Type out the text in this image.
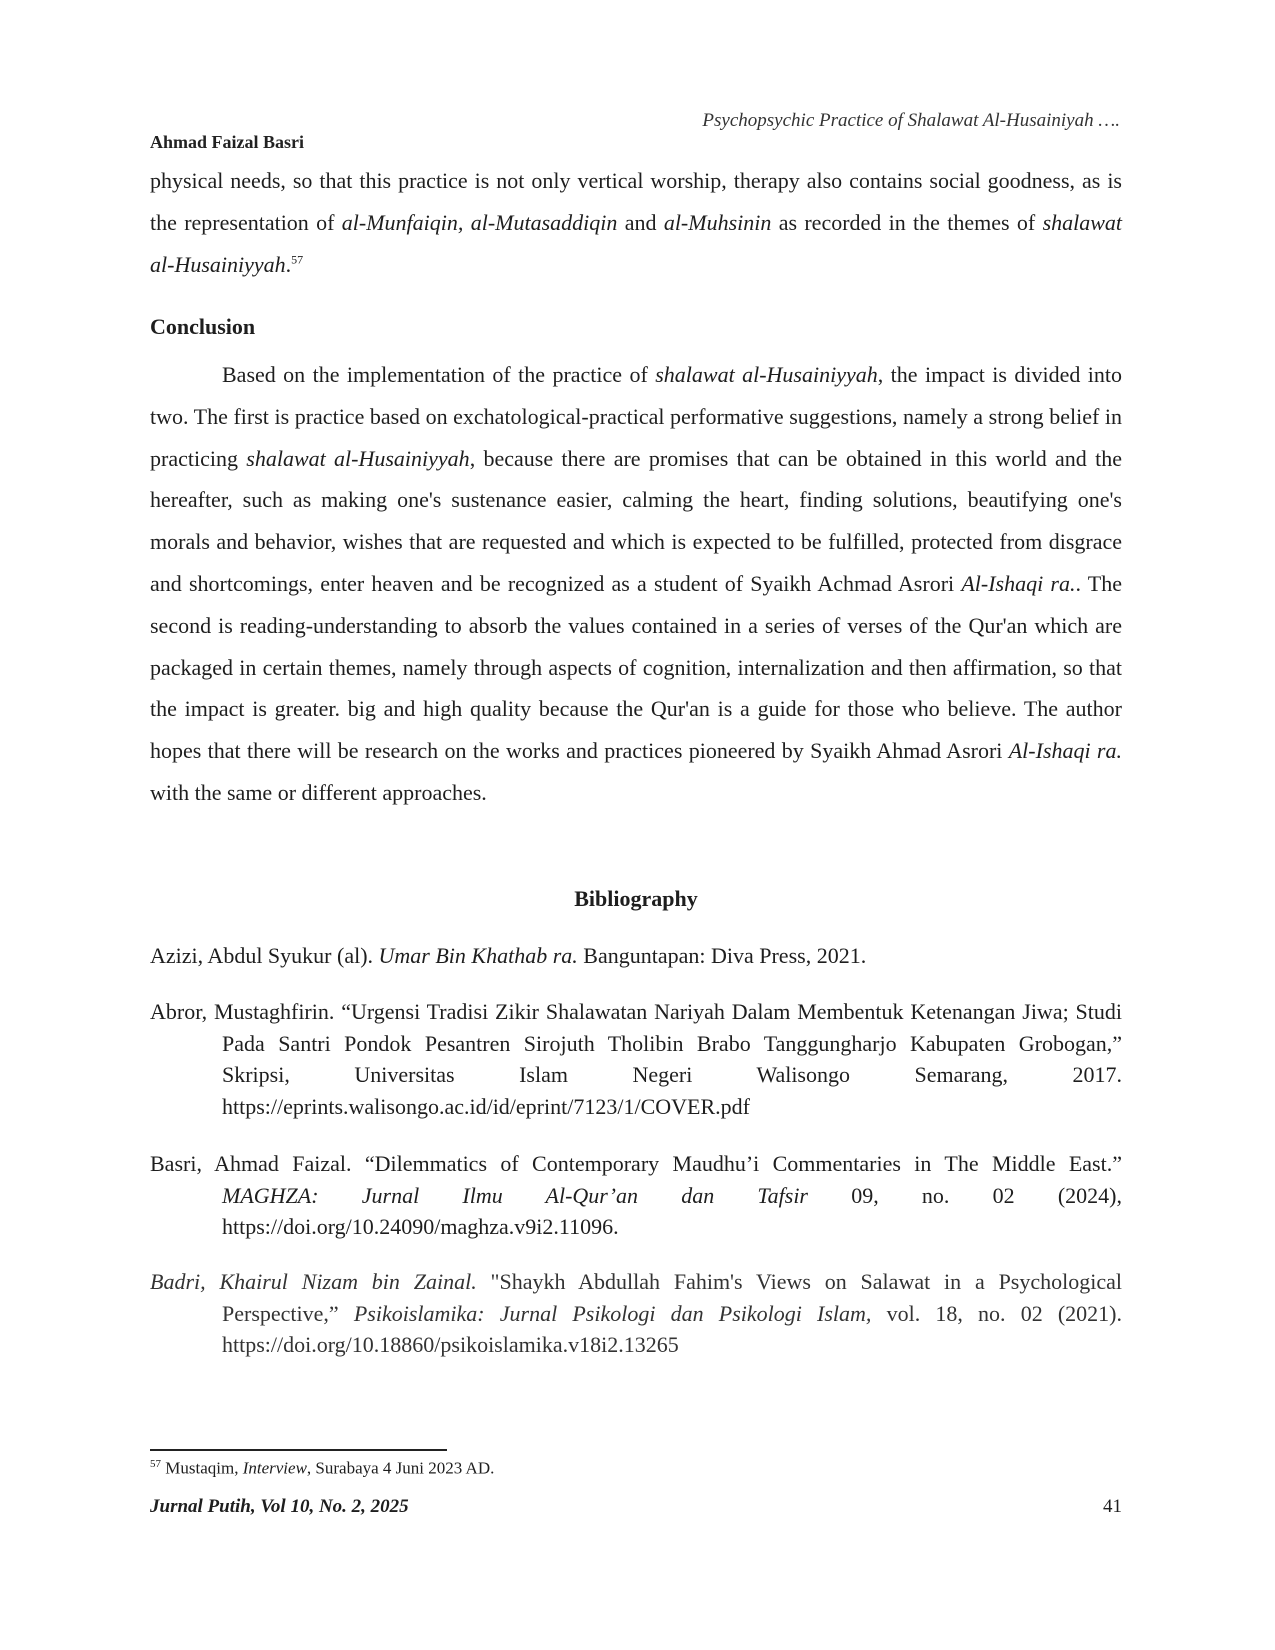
Psychopsychic Practice of Shalawat Al-Husainiyah ….
Ahmad Faizal Basri

physical needs, so that this practice is not only vertical worship, therapy also contains social goodness, as is the representation of al-Munfaiqin, al-Mutasaddiqin and al-Muhsinin as recorded in the themes of shalawat al-Husainiyyah.$^{57}$

Conclusion

Based on the implementation of the practice of shalawat al-Husainiyyah, the impact is divided into two. The first is practice based on exchatological-practical performative suggestions, namely a strong belief in practicing shalawat al-Husainiyyah, because there are promises that can be obtained in this world and the hereafter, such as making one's sustenance easier, calming the heart, finding solutions, beautifying one's morals and behavior, wishes that are requested and which is expected to be fulfilled, protected from disgrace and shortcomings, enter heaven and be recognized as a student of Syaikh Achmad Asrori Al-Ishaqi ra.. The second is reading-understanding to absorb the values contained in a series of verses of the Qur'an which are packaged in certain themes, namely through aspects of cognition, internalization and then affirmation, so that the impact is greater. big and high quality because the Qur'an is a guide for those who believe. The author hopes that there will be research on the works and practices pioneered by Syaikh Ahmad Asrori Al-Ishaqi ra. with the same or different approaches.

Bibliography
Azizi, Abdul Syukur (al). Umar Bin Khathab ra. Banguntapan: Diva Press, 2021.
Abror, Mustaghfirin. “Urgensi Tradisi Zikir Shalawatan Nariyah Dalam Membentuk Ketenangan Jiwa; Studi Pada Santri Pondok Pesantren Sirojuth Tholibin Brabo Tanggungharjo Kabupaten Grobogan,” Skripsi, Universitas Islam Negeri Walisongo Semarang, 2017. https://eprints.walisongo.ac.id/id/eprint/7123/1/COVER.pdf
Basri, Ahmad Faizal. “Dilemmatics of Contemporary Maudhu’i Commentaries in The Middle East.” MAGHZA: Jurnal Ilmu Al-Qur’an dan Tafsir 09, no. 02 (2024), https://doi.org/10.24090/maghza.v9i2.11096.
Badri, Khairul Nizam bin Zainal. "Shaykh Abdullah Fahim's Views on Salawat in a Psychological Perspective,” Psikoislamika: Jurnal Psikologi dan Psikologi Islam, vol. 18, no. 02 (2021). https://doi.org/10.18860/psikoislamika.v18i2.13265
$^{57}$ Mustaqim, Interview, Surabaya 4 Juni 2023 AD.
Jurnal Putih, Vol 10, No. 2, 2025	41
